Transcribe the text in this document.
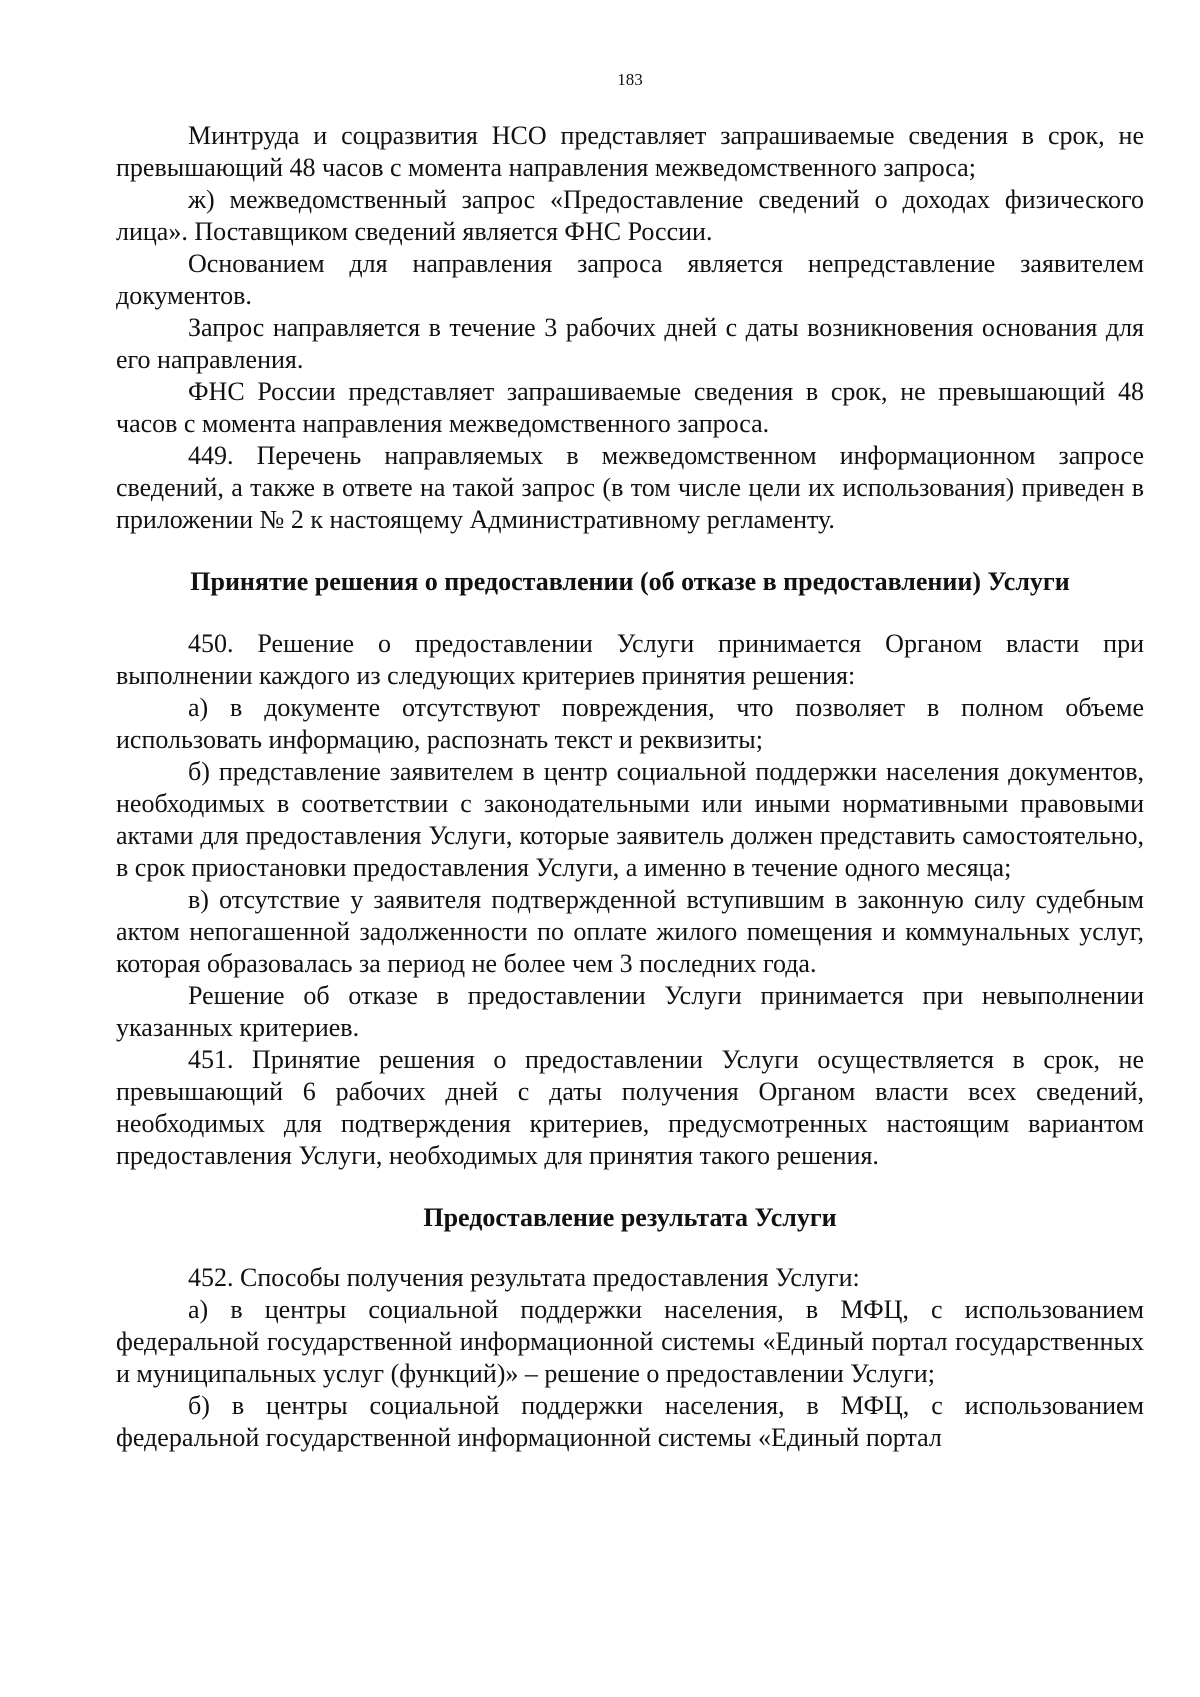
183

Минтруда и соцразвития НСО представляет запрашиваемые сведения в срок, не превышающий 48 часов с момента направления межведомственного запроса;

ж) межведомственный запрос «Предоставление сведений о доходах физического лица». Поставщиком сведений является ФНС России.

Основанием для направления запроса является непредставление заявителем документов.

Запрос направляется в течение 3 рабочих дней с даты возникновения основания для его направления.

ФНС России представляет запрашиваемые сведения в срок, не превышающий 48 часов с момента направления межведомственного запроса.

449. Перечень направляемых в межведомственном информационном запросе сведений, а также в ответе на такой запрос (в том числе цели их использования) приведен в приложении № 2 к настоящему Административному регламенту.

Принятие решения о предоставлении (об отказе в предоставлении) Услуги

450. Решение о предоставлении Услуги принимается Органом власти при выполнении каждого из следующих критериев принятия решения:

а) в документе отсутствуют повреждения, что позволяет в полном объеме использовать информацию, распознать текст и реквизиты;

б) представление заявителем в центр социальной поддержки населения документов, необходимых в соответствии с законодательными или иными нормативными правовыми актами для предоставления Услуги, которые заявитель должен представить самостоятельно, в срок приостановки предоставления Услуги, а именно в течение одного месяца;

в) отсутствие у заявителя подтвержденной вступившим в законную силу судебным актом непогашенной задолженности по оплате жилого помещения и коммунальных услуг, которая образовалась за период не более чем 3 последних года.

Решение об отказе в предоставлении Услуги принимается при невыполнении указанных критериев.

451. Принятие решения о предоставлении Услуги осуществляется в срок, не превышающий 6 рабочих дней с даты получения Органом власти всех сведений, необходимых для подтверждения критериев, предусмотренных настоящим вариантом предоставления Услуги, необходимых для принятия такого решения.

Предоставление результата Услуги

452. Способы получения результата предоставления Услуги:

а) в центры социальной поддержки населения, в МФЦ, с использованием федеральной государственной информационной системы «Единый портал государственных и муниципальных услуг (функций)» – решение о предоставлении Услуги;

б) в центры социальной поддержки населения, в МФЦ, с использованием федеральной государственной информационной системы «Единый портал
